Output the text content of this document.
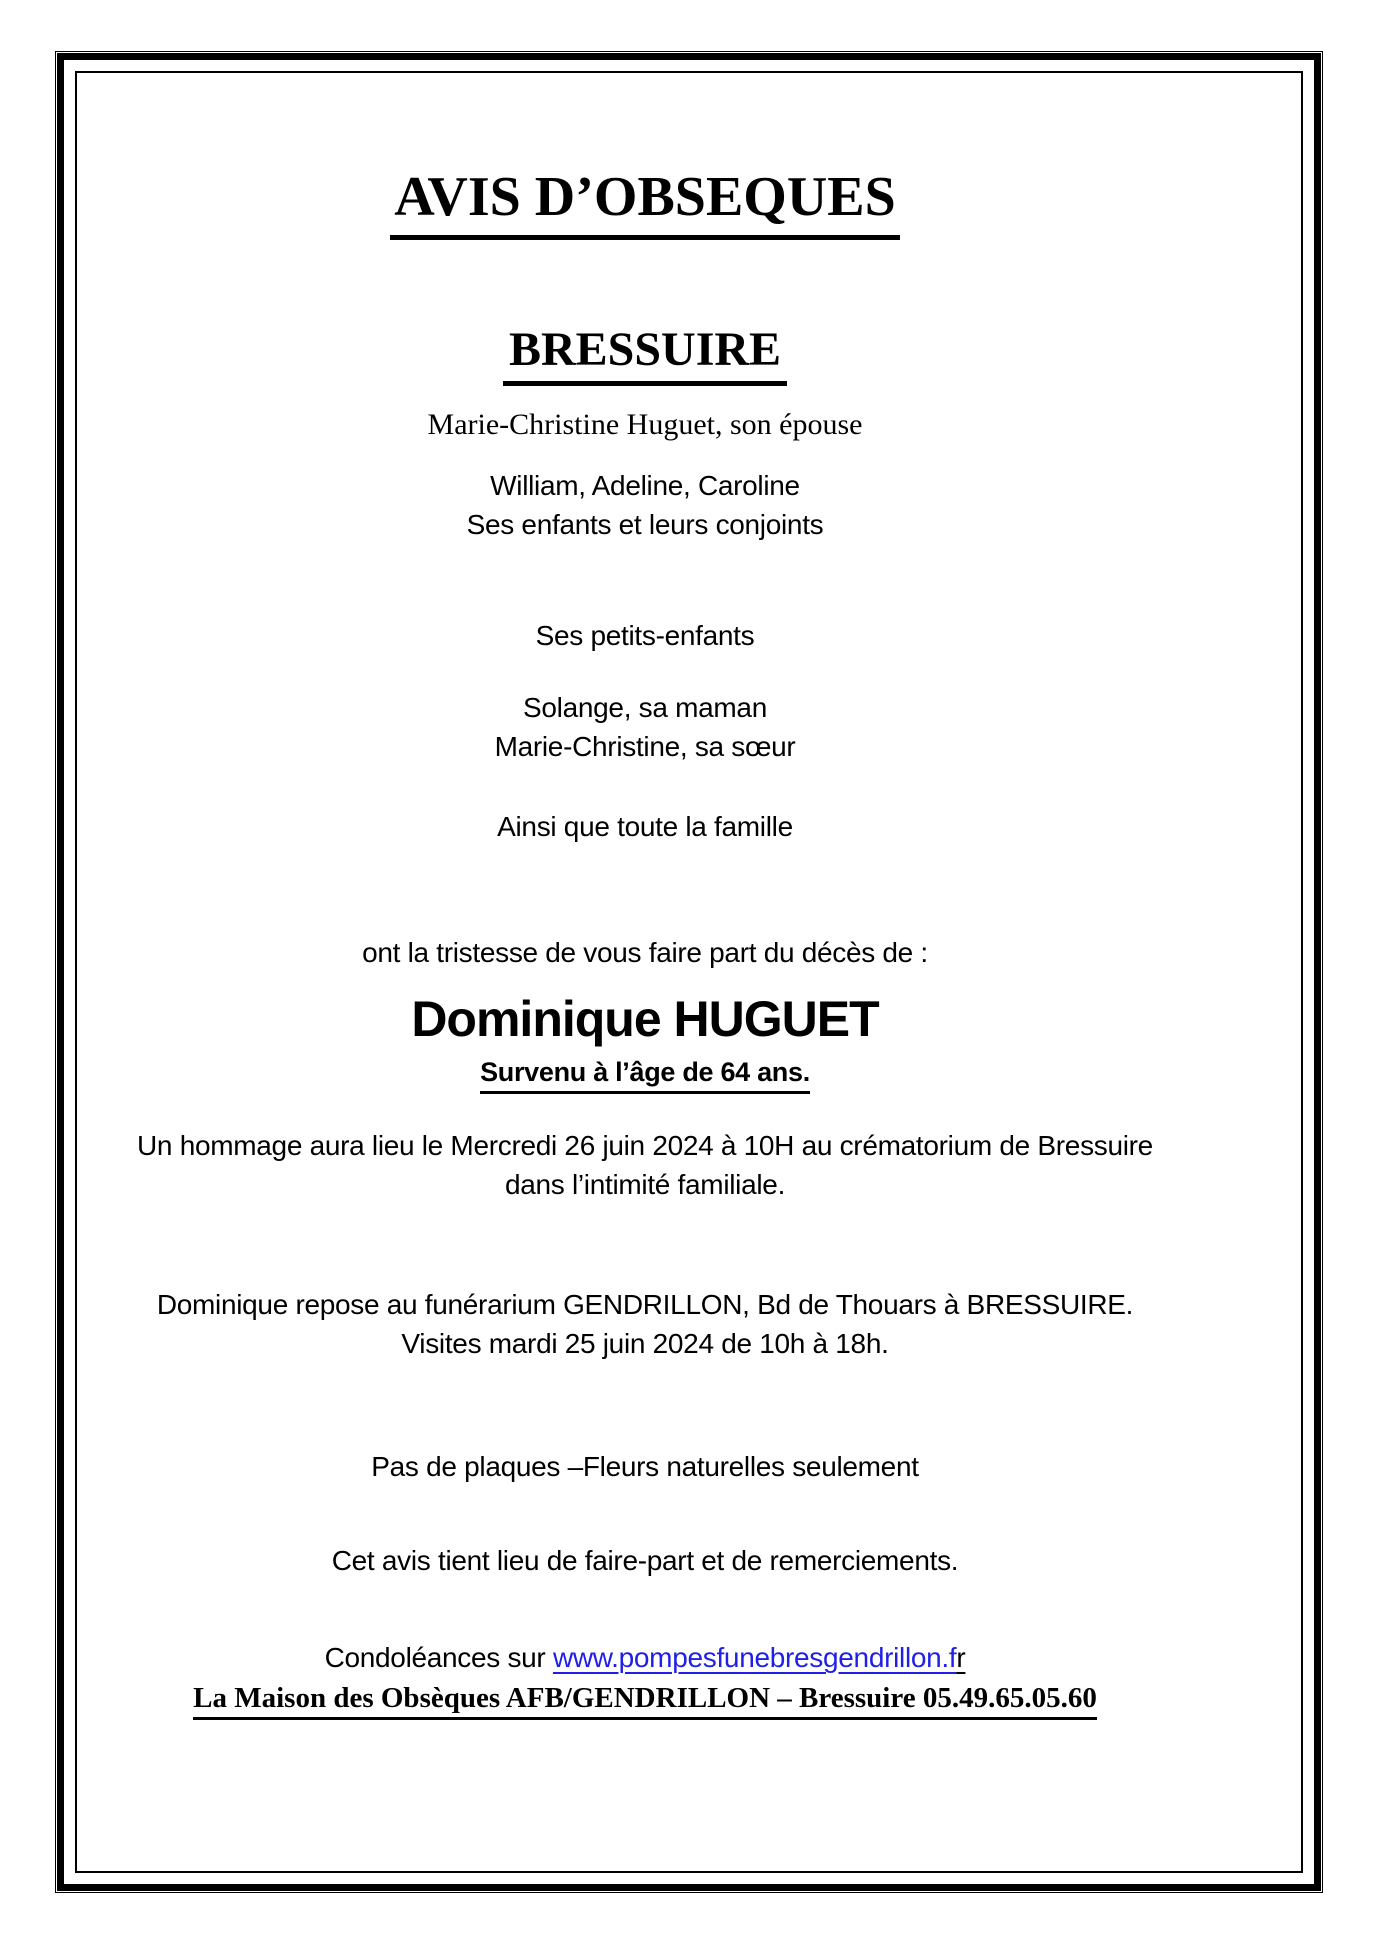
AVIS D’OBSEQUES
BRESSUIRE
Marie-Christine Huguet, son épouse
William, Adeline, Caroline
Ses enfants et leurs conjoints
Ses petits-enfants
Solange, sa maman
Marie-Christine, sa sœur
Ainsi que toute la famille
ont la tristesse de vous faire part du décès de :
Dominique HUGUET
Survenu à l’âge de 64 ans.
Un hommage aura lieu le Mercredi 26 juin 2024 à 10H au crématorium de Bressuire
dans l’intimité familiale.
Dominique repose au funérarium GENDRILLON, Bd de Thouars à BRESSUIRE.
Visites mardi 25 juin 2024 de 10h à 18h.
Pas de plaques –Fleurs naturelles seulement
Cet avis tient lieu de faire-part et de remerciements.
Condoléances sur www.pompesfunebresgendrillon.fr
La Maison des Obsèques AFB/GENDRILLON – Bressuire 05.49.65.05.60
